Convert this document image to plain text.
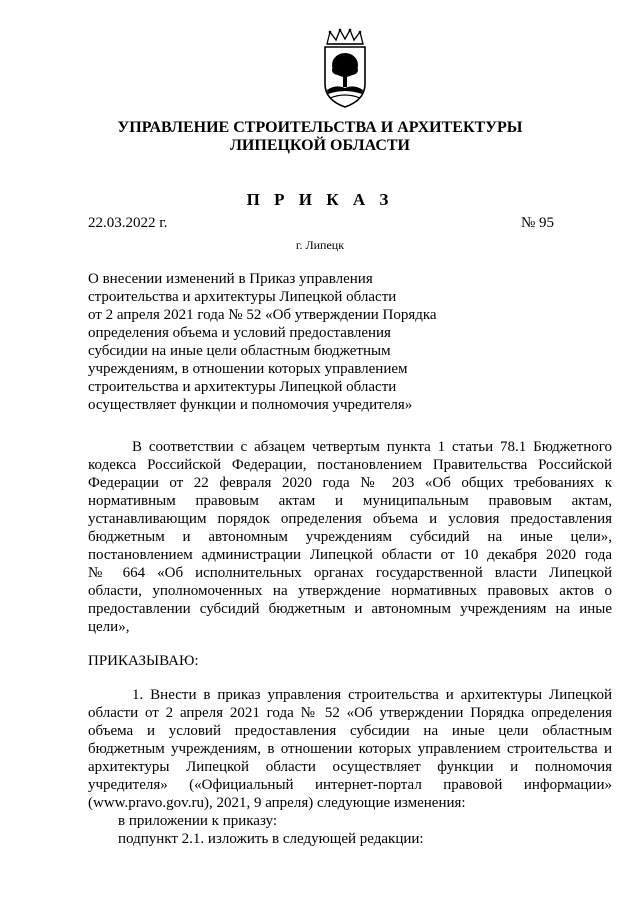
УПРАВЛЕНИЕ СТРОИТЕЛЬСТВА И АРХИТЕКТУРЫ
ЛИПЕЦКОЙ ОБЛАСТИ
П Р И К А З
22.03.2022 г.	№ 95
г. Липецк
О внесении изменений в Приказ управления
строительства и архитектуры Липецкой области
от 2 апреля 2021 года № 52 «Об утверждении Порядка
определения объема и условий предоставления
субсидии на иные цели областным бюджетным
учреждениям, в отношении которых управлением
строительства и архитектуры Липецкой области
осуществляет функции и полномочия учредителя»
В соответствии с абзацем четвертым пункта 1 статьи 78.1 Бюджетного
кодекса Российской Федерации, постановлением Правительства Российской
Федерации от 22 февраля 2020 года № 203 «Об общих требованиях к
нормативным правовым актам и муниципальным правовым актам,
устанавливающим порядок определения объема и условия предоставления
бюджетным и автономным учреждениям субсидий на иные цели»,
постановлением администрации Липецкой области от 10 декабря 2020 года
№ 664 «Об исполнительных органах государственной власти Липецкой
области, уполномоченных на утверждение нормативных правовых актов о
предоставлении субсидий бюджетным и автономным учреждениям на иные
цели»,
ПРИКАЗЫВАЮ:
1. Внести в приказ управления строительства и архитектуры Липецкой
области от 2 апреля 2021 года № 52 «Об утверждении Порядка определения
объема и условий предоставления субсидии на иные цели областным
бюджетным учреждениям, в отношении которых управлением строительства и
архитектуры Липецкой области осуществляет функции и полномочия
учредителя» («Официальный интернет-портал правовой информации»
(www.pravo.gov.ru), 2021, 9 апреля) следующие изменения:
в приложении к приказу:
подпункт 2.1. изложить в следующей редакции:
